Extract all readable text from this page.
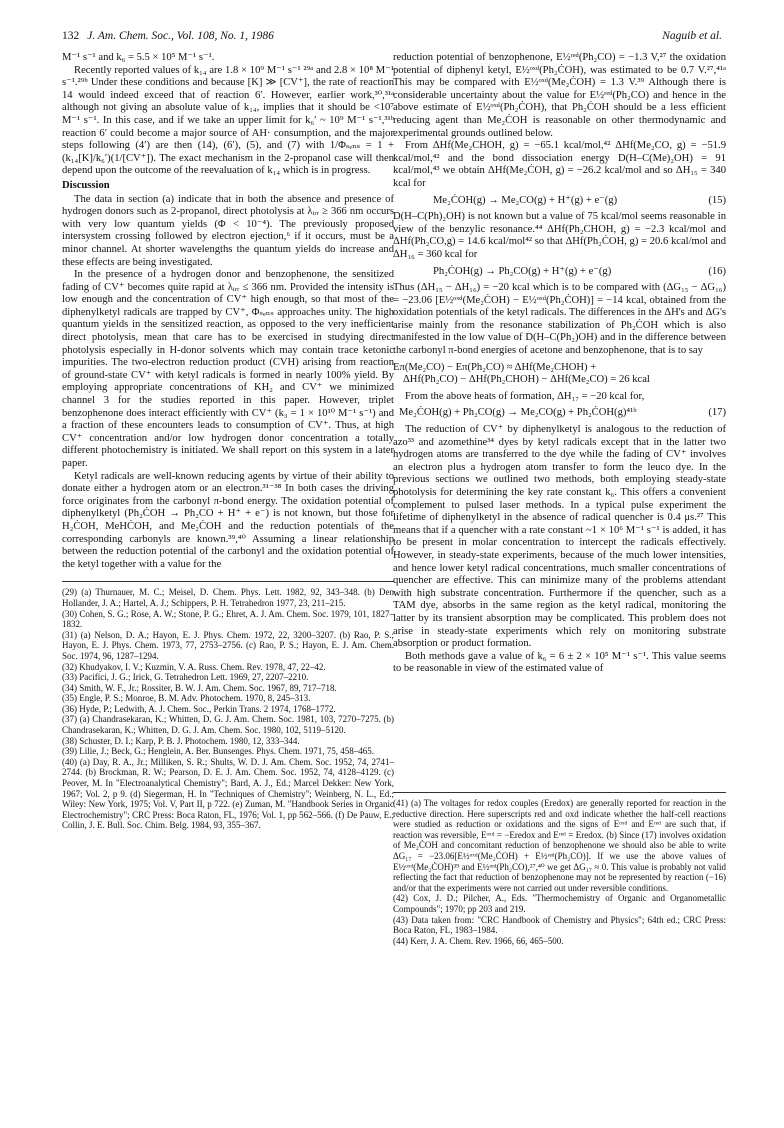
132 J. Am. Chem. Soc., Vol. 108, No. 1, 1986	Naguib et al.

M⁻¹ s⁻¹ and k₆ = 5.5 × 10⁵ M⁻¹ s⁻¹.

Recently reported values of k₁₄ are 1.8 × 10⁹ M⁻¹ s⁻¹ ²⁹ᵃ and 2.8 × 10⁸ M⁻¹ s⁻¹.²⁹ᵇ Under these conditions and because [K] ≫ [CV⁺], the rate of reaction 14 would indeed exceed that of reaction 6′. However, earlier work,³⁰,³¹ᵃ although not giving an absolute value of k₁₄, implies that it should be <10⁷ M⁻¹ s⁻¹. In this case, and if we take an upper limit for k₆′ ~ 10⁹ M⁻¹ s⁻¹,³¹ᵇ reaction 6′ could become a major source of AH· consumption, and the major steps following (4′) are then (14), (6′), (5), and (7) with 1/Φₛₑₙₛ = 1 + (k₁₄[K]/k₆′)(1/[CV⁺]). The exact mechanism in the 2-propanol case will then depend upon the outcome of the reevaluation of k₁₄ which is in progress.

Discussion

The data in section (a) indicate that in both the absence and presence of hydrogen donors such as 2-propanol, direct photolysis at λᵢᵣᵣ ≥ 366 nm occurs with very low quantum yields (Φ < 10⁻⁴). The previously proposed intersystem crossing followed by electron ejection,⁶ if it occurs, must be a minor channel. At shorter wavelengths the quantum yields do increase and these effects are being investigated.

In the presence of a hydrogen donor and benzophenone, the sensitized fading of CV⁺ becomes quite rapid at λᵢᵣᵣ ≤ 366 nm. Provided the intensity is low enough and the concentration of CV⁺ high enough, so that most of the diphenylketyl radicals are trapped by CV⁺, Φₛₑₙₛ approaches unity. The high quantum yields in the sensitized reaction, as opposed to the very inefficient direct photolysis, mean that care has to be exercised in studying direct photolysis especially in H-donor solvents which may contain trace ketonic impurities. The two-electron reduction product (CVH) arising from reaction of ground-state CV⁺ with ketyl radicals is formed in nearly 100% yield. By employing appropriate concentrations of KH₂ and CV⁺ we minimized channel 3 for the studies reported in this paper. However, triplet benzophenone does interact efficiently with CV⁺ (k₃ = 1 × 10¹⁰ M⁻¹ s⁻¹) and a fraction of these encounters leads to consumption of CV⁺. Thus, at high CV⁺ concentration and/or low hydrogen donor concentration a totally different photochemistry is initiated. We shall report on this system in a later paper.

Ketyl radicals are well-known reducing agents by virtue of their ability to donate either a hydrogen atom or an electron.³¹⁻³⁸ In both cases the driving force originates from the carbonyl π-bond energy. The oxidation potential of diphenylketyl (Ph₂ĊOH → Ph₂CO + H⁺ + e⁻) is not known, but those for H₂ĊOH, MeHĊOH, and Me₂ĊOH and the reduction potentials of the corresponding carbonyls are known.³⁹,⁴⁰ Assuming a linear relationship between the reduction potential of the carbonyl and the oxidation potential of the ketyl together with a value for the

(29) (a) Thurnauer, M. C.; Meisel, D. Chem. Phys. Lett. 1982, 92, 343–348. (b) Den Hollander, J. A.; Hartel, A. J.; Schippers, P. H. Tetrahedron 1977, 23, 211–215.
(30) Cohen, S. G.; Rose, A. W.; Stone, P. G.; Ehret, A. J. Am. Chem. Soc. 1979, 101, 1827–1832.
(31) (a) Nelson, D. A.; Hayon, E. J. Phys. Chem. 1972, 22, 3200–3207. (b) Rao, P. S.; Hayon, E. J. Phys. Chem. 1973, 77, 2753–2756. (c) Rao, P. S.; Hayon, E. J. Am. Chem. Soc. 1974, 96, 1287–1294.
(32) Khudyakov, I. V.; Kuzmin, V. A. Russ. Chem. Rev. 1978, 47, 22–42.
(33) Pacifici, J. G.; Irick, G. Tetrahedron Lett. 1969, 27, 2207–2210.
(34) Smith, W. F., Jr.; Rossiter, B. W. J. Am. Chem. Soc. 1967, 89, 717–718.
(35) Engle, P. S.; Monroe, B. M. Adv. Photochem. 1970, 8, 245–313.
(36) Hyde, P.; Ledwith, A. J. Chem. Soc., Perkin Trans. 2 1974, 1768–1772.
(37) (a) Chandrasekaran, K.; Whitten, D. G. J. Am. Chem. Soc. 1981, 103, 7270–7275. (b) Chandrasekaran, K.; Whitten, D. G. J. Am. Chem. Soc. 1980, 102, 5119–5120.
(38) Schuster, D. I.; Karp, P. B. J. Photochem. 1980, 12, 333–344.
(39) Lilie, J.; Beck, G.; Henglein, A. Ber. Bunsenges. Phys. Chem. 1971, 75, 458–465.
(40) (a) Day, R. A., Jr.; Milliken, S. R.; Shults, W. D. J. Am. Chem. Soc. 1952, 74, 2741–2744. (b) Brockman, R. W.; Pearson, D. E. J. Am. Chem. Soc. 1952, 74, 4128–4129. (c) Peover, M. In "Electroanalytical Chemistry"; Bard, A. J., Ed.; Marcel Dekker: New York, 1967; Vol. 2, p 9. (d) Siegerman, H. In "Techniques of Chemistry"; Weinberg, N. L., Ed.; Wiley: New York, 1975; Vol. V, Part II, p 722. (e) Zuman, M. "Handbook Series in Organic Electrochemistry"; CRC Press: Boca Raton, FL, 1976; Vol. 1, pp 562–566. (f) De Pauw, E.; Collin, J. E. Bull. Soc. Chim. Belg. 1984, 93, 355–367.

reduction potential of benzophenone, E½ʳᵉᵈ(Ph₂CO) = −1.3 V,²⁷ the oxidation potential of diphenyl ketyl, E½ᵒˣᵈ(Ph₂ĊOH), was estimated to be 0.7 V.²⁷,⁴¹ᵃ This may be compared with E½ᵒˣᵈ(Me₂ĊOH) = 1.3 V.³⁹ Although there is considerable uncertainty about the value for E½ʳᵉᵈ(Ph₂CO) and hence in the above estimate of E½ᵒˣᵈ(Ph₂ĊOH), that Ph₂ĊOH should be a less efficient reducing agent than Me₂ĊOH is reasonable on other thermodynamic and experimental grounds outlined below.

From ΔHf(Me₂CHOH, g) = −65.1 kcal/mol,⁴² ΔHf(Me₂CO, g) = −51.9 kcal/mol,⁴² and the bond dissociation energy D(H–C(Me)₂OH) = 91 kcal/mol,⁴³ we obtain ΔHf(Me₂ĊOH, g) = −26.2 kcal/mol and so ΔH₁₅ = 340 kcal for

Me₂ĊOH(g) → Me₂CO(g) + H⁺(g) + e⁻(g)	(15)

D(H–C(Ph)₂OH) is not known but a value of 75 kcal/mol seems reasonable in view of the benzylic resonance.⁴⁴ ΔHf(Ph₂CHOH, g) = −2.3 kcal/mol and ΔHf(Ph₂CO,g) = 14.6 kcal/mol⁴² so that ΔHf(Ph₂ĊOH, g) = 20.6 kcal/mol and ΔH₁₆ = 360 kcal for

Ph₂ĊOH(g) → Ph₂CO(g) + H⁺(g) + e⁻(g)	(16)

Thus (ΔH₁₅ − ΔH₁₆) = −20 kcal which is to be compared with (ΔG₁₅ − ΔG₁₆) = −23.06 [E½ᵒˣᵈ(Me₂ĊOH) − E½ᵒˣᵈ(Ph₂ĊOH)] = −14 kcal, obtained from the oxidation potentials of the ketyl radicals. The differences in the ΔH's and ΔG's arise mainly from the resonance stabilization of Ph₂ĊOH which is also manifested in the low value of D(H–C(Ph₂)OH) and in the difference between the carbonyl π-bond energies of acetone and benzophenone, that is to say

Eπ(Me₂CO) − Eπ(Ph₂CO) ≈ ΔHf(Me₂CHOH) +
ΔHf(Ph₂CO) − ΔHf(Ph₂CHOH) − ΔHf(Me₂CO) = 26 kcal

From the above heats of formation, ΔH₁₇ = −20 kcal for,

Me₂ĊOH(g) + Ph₂CO(g) → Me₂CO(g) + Ph₂ĊOH(g)⁴¹ᵇ	(17)

The reduction of CV⁺ by diphenylketyl is analogous to the reduction of azo³³ and azomethine³⁴ dyes by ketyl radicals except that in the latter two hydrogen atoms are transferred to the dye while the fading of CV⁺ involves an electron plus a hydrogen atom transfer to form the leuco dye. In the previous sections we outlined two methods, both employing steady-state photolysis for determining the key rate constant k₆. This offers a convenient complement to pulsed laser methods. In a typical pulse experiment the lifetime of diphenylketyl in the absence of radical quencher is 0.4 μs.²⁷ This means that if a quencher with a rate constant ~1 × 10⁶ M⁻¹ s⁻¹ is added, it has to be present in molar concentration to intercept the radicals effectively. However, in steady-state experiments, because of the much lower intensities, and hence lower ketyl radical concentrations, much smaller concentrations of quencher are effective. This can minimize many of the problems attendant with high substrate concentration. Furthermore if the quencher, such as a TAM dye, absorbs in the same region as the ketyl radical, monitoring the latter by its transient absorption may be complicated. This problem does not arise in steady-state experiments which rely on monitoring substrate absorption or product formation.

Both methods gave a value of k₆ = 6 ± 2 × 10⁵ M⁻¹ s⁻¹. This value seems to be reasonable in view of the estimated value of

(41) (a) The voltages for redox couples (Eredox) are generally reported for reaction in the reductive direction. Here superscripts red and oxd indicate whether the half-cell reactions were studied as reduction or oxidations and the signs of Eᵒˣᵈ and Eʳᵉᵈ are such that, if reaction was reversible, Eᵒˣᵈ = −Eredox and Eʳᵉᵈ = Eredox. (b) Since (17) involves oxidation of Me₂ĊOH and concomitant reduction of benzophenone we should also be able to write ΔG₁₇ = −23.06[E½ᵒˣᵈ(Me₂ĊOH) + E½ʳᵉᵈ(Ph₂CO)]. If we use the above values of E½ᵒˣᵈ(Me₂ĊOH)³⁹ and E½ʳᵉᵈ(Ph₂CO),²⁷,⁴⁰ we get ΔG₁₇ ≈ 0. This value is probably not valid reflecting the fact that reduction of benzophenone may not be represented by reaction (−16) and/or that the experiments were not carried out under reversible conditions.
(42) Cox, J. D.; Pilcher, A., Eds. "Thermochemistry of Organic and Organometallic Compounds"; 1970; pp 203 and 219.
(43) Data taken from: "CRC Handbook of Chemistry and Physics"; 64th ed.; CRC Press: Boca Raton, FL, 1983–1984.
(44) Kerr, J. A. Chem. Rev. 1966, 66, 465–500.
